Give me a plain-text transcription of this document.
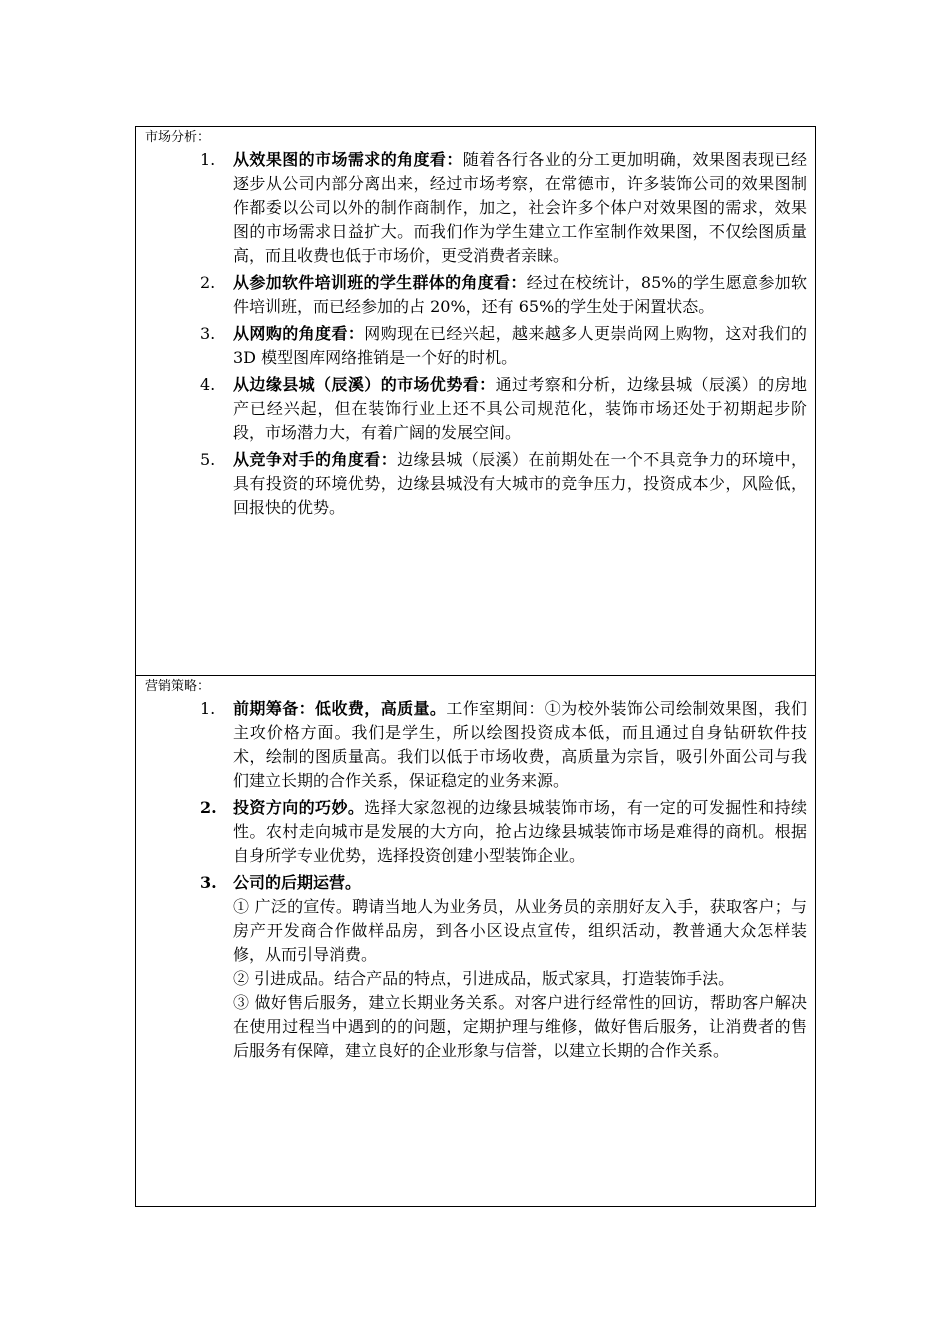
市场分析：
1.	从效果图的市场需求的角度看：随着各行各业的分工更加明确，效果图表现已经逐步从公司内部分离出来，经过市场考察，在常德市，许多装饰公司的效果图制作都委以公司以外的制作商制作，加之，社会许多个体户对效果图的需求，效果图的市场需求日益扩大。而我们作为学生建立工作室制作效果图，不仅绘图质量高，而且收费也低于市场价，更受消费者亲睐。
2.	从参加软件培训班的学生群体的角度看：经过在校统计，85%的学生愿意参加软件培训班，而已经参加的占 20%，还有 65%的学生处于闲置状态。
3.	从网购的角度看：网购现在已经兴起，越来越多人更崇尚网上购物，这对我们的 3D 模型图库网络推销是一个好的时机。
4.	从边缘县城（辰溪）的市场优势看：通过考察和分析，边缘县城（辰溪）的房地产已经兴起，但在装饰行业上还不具公司规范化，装饰市场还处于初期起步阶段，市场潜力大，有着广阔的发展空间。
5.	从竞争对手的角度看：边缘县城（辰溪）在前期处在一个不具竞争力的环境中，具有投资的环境优势，边缘县城没有大城市的竞争压力，投资成本少，风险低，回报快的优势。

营销策略：
1.	前期筹备：低收费，高质量。工作室期间：①为校外装饰公司绘制效果图，我们主攻价格方面。我们是学生，所以绘图投资成本低，而且通过自身钻研软件技术，绘制的图质量高。我们以低于市场收费，高质量为宗旨，吸引外面公司与我们建立长期的合作关系，保证稳定的业务来源。
2.	投资方向的巧妙。选择大家忽视的边缘县城装饰市场，有一定的可发掘性和持续性。农村走向城市是发展的大方向，抢占边缘县城装饰市场是难得的商机。根据自身所学专业优势，选择投资创建小型装饰企业。
3.	公司的后期运营。
① 广泛的宣传。聘请当地人为业务员，从业务员的亲朋好友入手，获取客户；与房产开发商合作做样品房，到各小区设点宣传，组织活动，教普通大众怎样装修，从而引导消费。
② 引进成品。结合产品的特点，引进成品，版式家具，打造装饰手法。
③ 做好售后服务，建立长期业务关系。对客户进行经常性的回访，帮助客户解决在使用过程当中遇到的的问题，定期护理与维修，做好售后服务，让消费者的售后服务有保障，建立良好的企业形象与信誉，以建立长期的合作关系。
